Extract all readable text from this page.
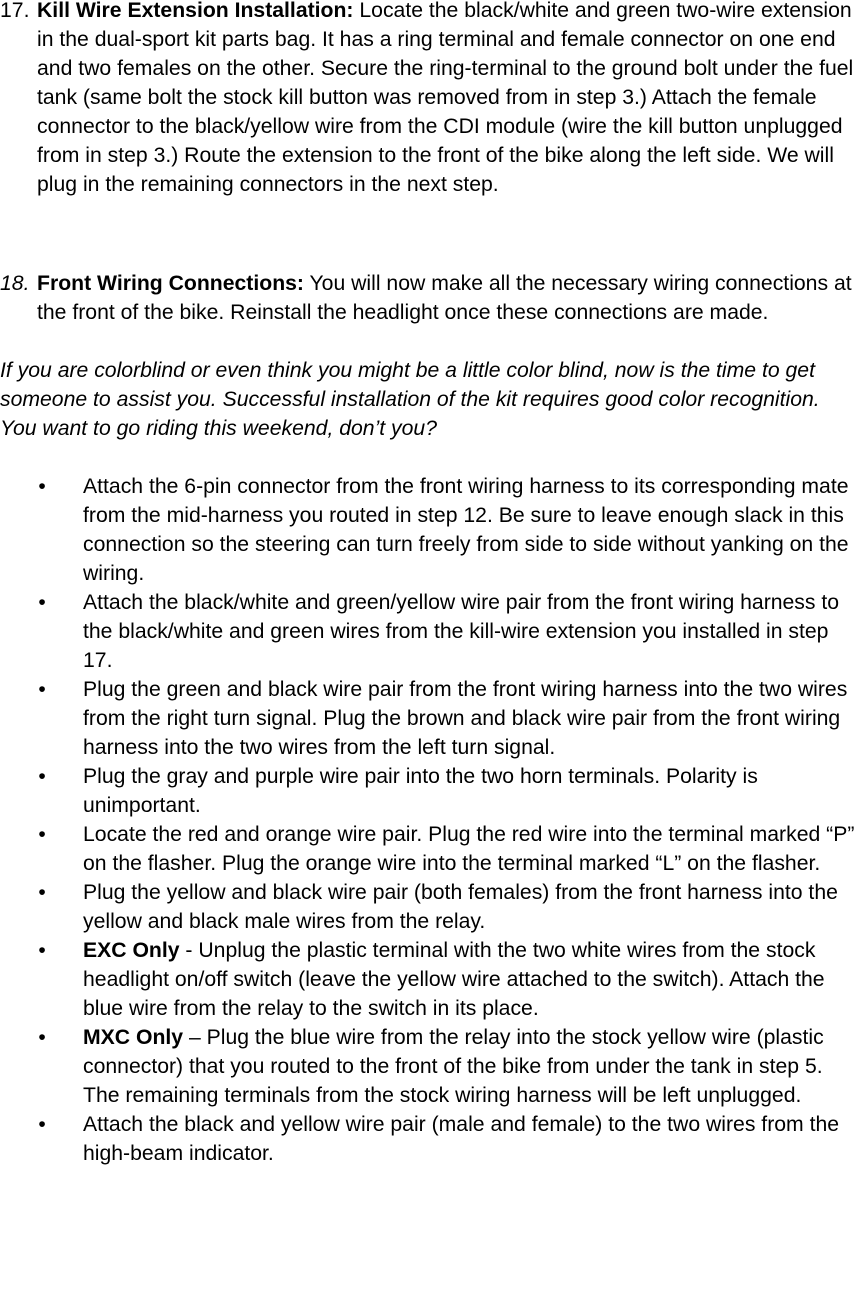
17. Kill Wire Extension Installation: Locate the black/white and green two-wire extension in the dual-sport kit parts bag. It has a ring terminal and female connector on one end and two females on the other. Secure the ring-terminal to the ground bolt under the fuel tank (same bolt the stock kill button was removed from in step 3.) Attach the female connector to the black/yellow wire from the CDI module (wire the kill button unplugged from in step 3.) Route the extension to the front of the bike along the left side. We will plug in the remaining connectors in the next step.
18. Front Wiring Connections: You will now make all the necessary wiring connections at the front of the bike. Reinstall the headlight once these connections are made.
If you are colorblind or even think you might be a little color blind, now is the time to get someone to assist you. Successful installation of the kit requires good color recognition. You want to go riding this weekend, don’t you?
• Attach the 6-pin connector from the front wiring harness to its corresponding mate from the mid-harness you routed in step 12. Be sure to leave enough slack in this connection so the steering can turn freely from side to side without yanking on the wiring.
• Attach the black/white and green/yellow wire pair from the front wiring harness to the black/white and green wires from the kill-wire extension you installed in step 17.
• Plug the green and black wire pair from the front wiring harness into the two wires from the right turn signal. Plug the brown and black wire pair from the front wiring harness into the two wires from the left turn signal.
• Plug the gray and purple wire pair into the two horn terminals. Polarity is unimportant.
• Locate the red and orange wire pair. Plug the red wire into the terminal marked “P” on the flasher. Plug the orange wire into the terminal marked “L” on the flasher.
• Plug the yellow and black wire pair (both females) from the front harness into the yellow and black male wires from the relay.
• EXC Only - Unplug the plastic terminal with the two white wires from the stock headlight on/off switch (leave the yellow wire attached to the switch). Attach the blue wire from the relay to the switch in its place.
• MXC Only – Plug the blue wire from the relay into the stock yellow wire (plastic connector) that you routed to the front of the bike from under the tank in step 5. The remaining terminals from the stock wiring harness will be left unplugged.
• Attach the black and yellow wire pair (male and female) to the two wires from the high-beam indicator.
